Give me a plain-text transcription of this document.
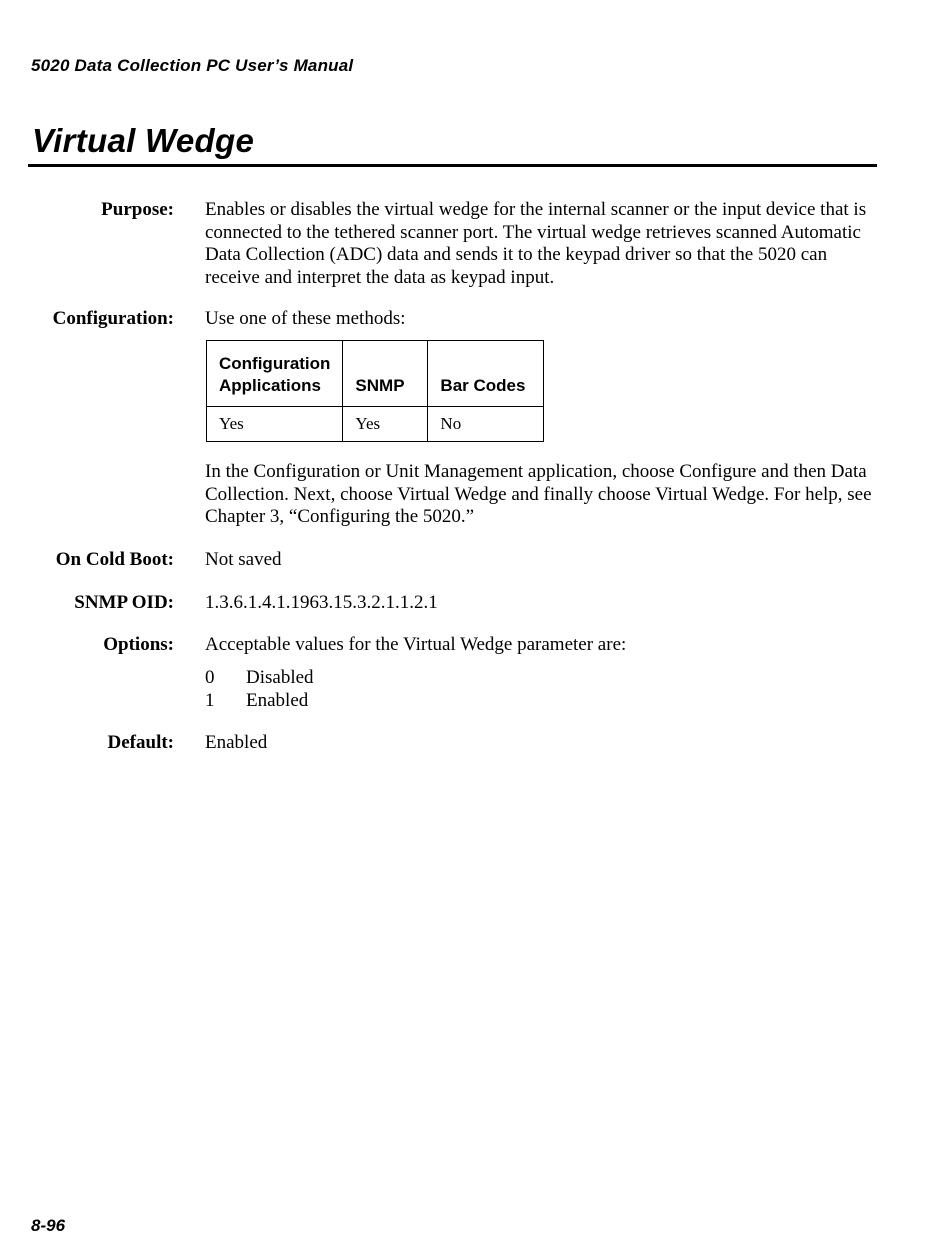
5020 Data Collection PC User’s Manual
Virtual Wedge
Purpose: Enables or disables the virtual wedge for the internal scanner or the input device that is connected to the tethered scanner port. The virtual wedge retrieves scanned Automatic Data Collection (ADC) data and sends it to the keypad driver so that the 5020 can receive and interpret the data as keypad input.

Configuration: Use one of these methods:
Configuration Applications	SNMP	Bar Codes
Yes	Yes	No

In the Configuration or Unit Management application, choose Configure and then Data Collection. Next, choose Virtual Wedge and finally choose Virtual Wedge. For help, see Chapter 3, “Configuring the 5020.”

On Cold Boot: Not saved
SNMP OID: 1.3.6.1.4.1.1963.15.3.2.1.1.2.1
Options: Acceptable values for the Virtual Wedge parameter are:
0 Disabled
1 Enabled
Default: Enabled
8-96
